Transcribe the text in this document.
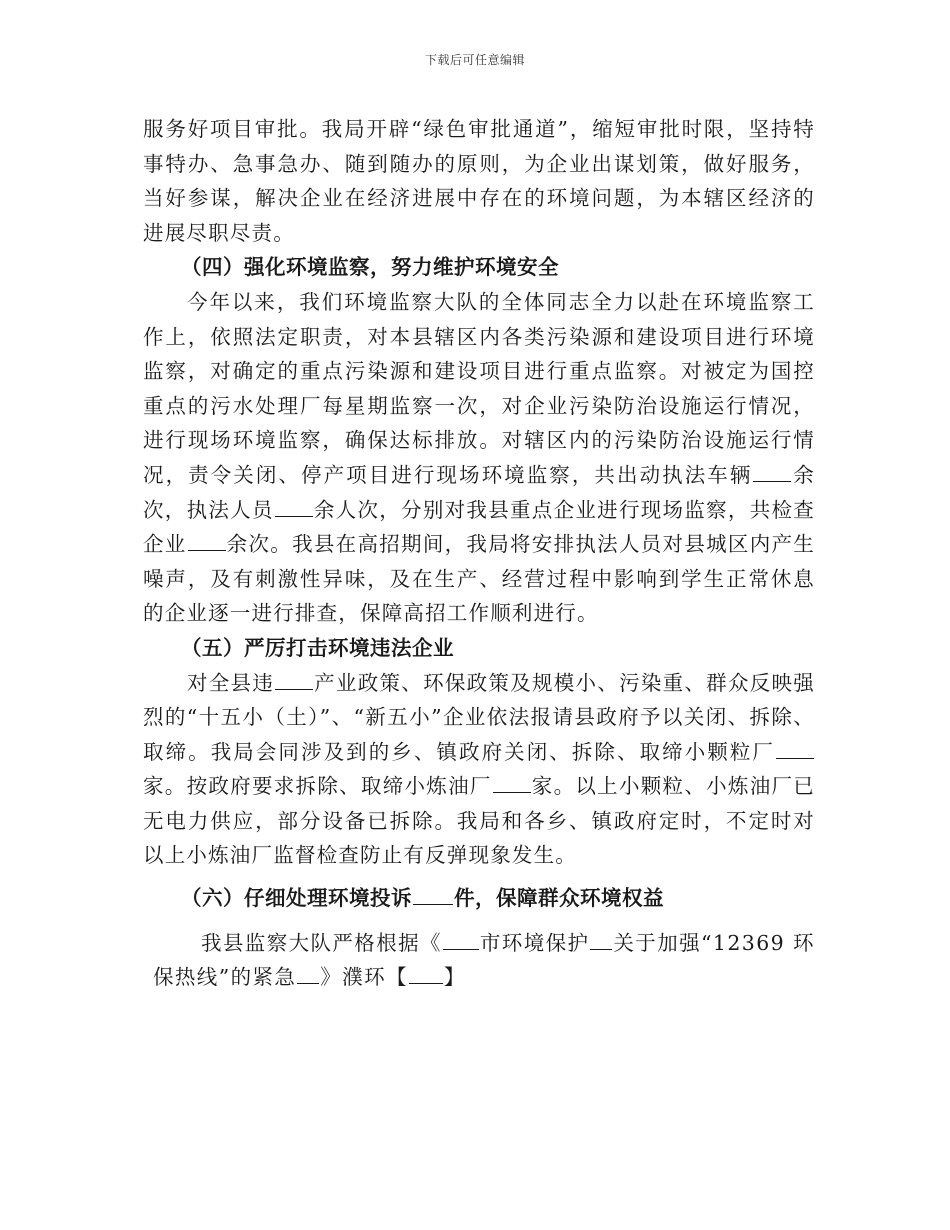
下载后可任意编辑

服务好项目审批。我局开辟“绿色审批通道”，缩短审批时限，坚持特事特办、急事急办、随到随办的原则，为企业出谋划策，做好服务，当好参谋，解决企业在经济进展中存在的环境问题，为本辖区经济的进展尽职尽责。

（四）强化环境监察，努力维护环境安全

今年以来，我们环境监察大队的全体同志全力以赴在环境监察工作上，依照法定职责，对本县辖区内各类污染源和建设项目进行环境监察，对确定的重点污染源和建设项目进行重点监察。对被定为国控重点的污水处理厂每星期监察一次，对企业污染防治设施运行情况，进行现场环境监察，确保达标排放。对辖区内的污染防治设施运行情况，责令关闭、停产项目进行现场环境监察，共出动执法车辆 余次，执法人员 余人次，分别对我县重点企业进行现场监察，共检查企业 余次。我县在高招期间，我局将安排执法人员对县城区内产生噪声，及有刺激性异味，及在生产、经营过程中影响到学生正常休息的企业逐一进行排查，保障高招工作顺利进行。

（五）严厉打击环境违法企业

对全县违 产业政策、环保政策及规模小、污染重、群众反映强烈的“十五小（土）”、“新五小”企业依法报请县政府予以关闭、拆除、取缔。我局会同涉及到的乡、镇政府关闭、拆除、取缔小颗粒厂家。按政府要求拆除、取缔小炼油厂 家。以上小颗粒、小炼油厂已无电力供应，部分设备已拆除。我局和各乡、镇政府定时，不定时对以上小炼油厂监督检查防止有反弹现象发生。

（六）仔细处理环境投诉 件，保障群众环境权益

我县监察大队严格根据《 市环境保护 关于加强“12369 环
保热线”的紧急 》濮环【 】
